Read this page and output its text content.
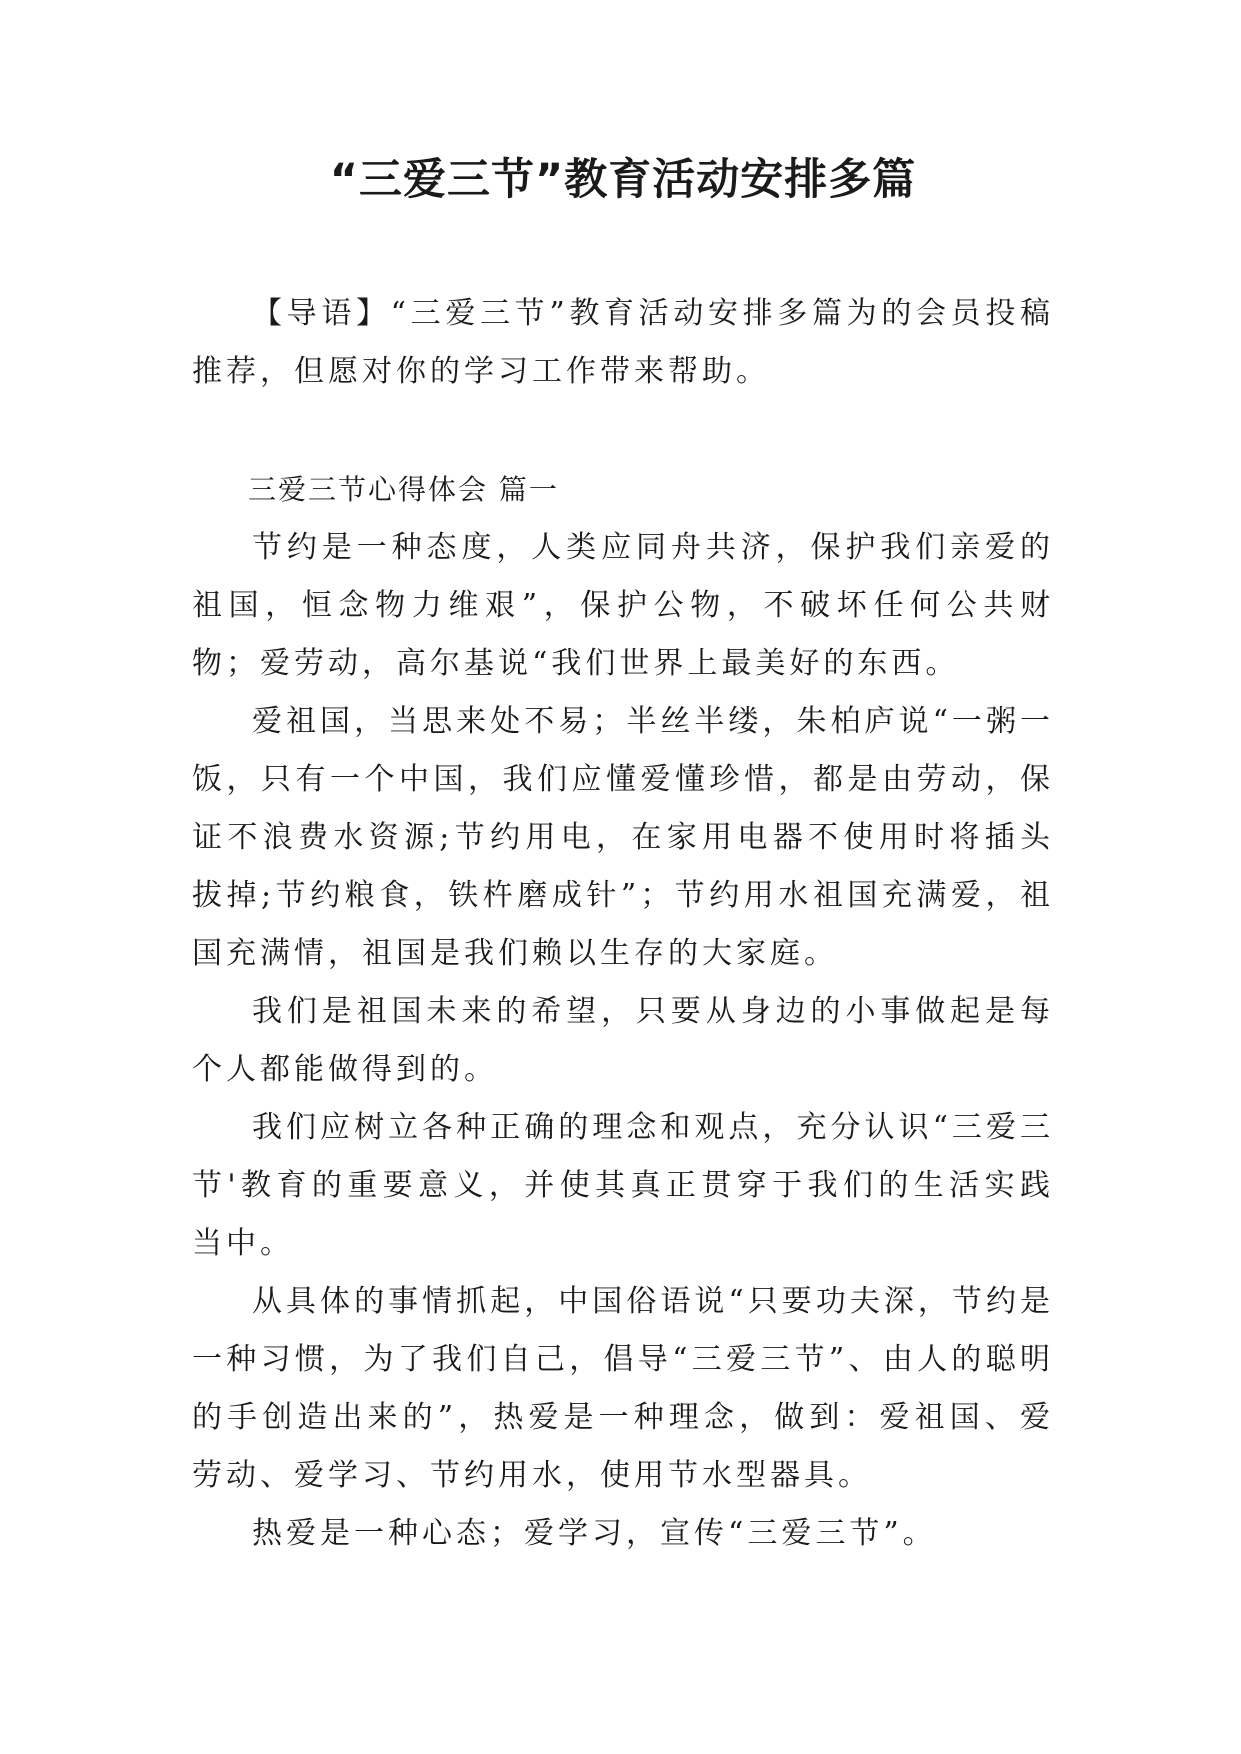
“三爱三节”教育活动安排多篇

【导语】“三爱三节”教育活动安排多篇为的会员投稿推荐，但愿对你的学习工作带来帮助。

三爱三节心得体会 篇一

节约是一种态度，人类应同舟共济，保护我们亲爱的祖国，恒念物力维艰”，保护公物，不破坏任何公共财物；爱劳动，高尔基说“我们世界上最美好的东西。

爱祖国，当思来处不易；半丝半缕，朱柏庐说“一粥一饭，只有一个中国，我们应懂爱懂珍惜，都是由劳动，保证不浪费水资源;节约用电，在家用电器不使用时将插头拔掉;节约粮食，铁杵磨成针”；节约用水祖国充满爱，祖国充满情，祖国是我们赖以生存的大家庭。

我们是祖国未来的希望，只要从身边的小事做起是每个人都能做得到的。

我们应树立各种正确的理念和观点，充分认识“三爱三节'教育的重要意义，并使其真正贯穿于我们的生活实践当中。

从具体的事情抓起，中国俗语说“只要功夫深，节约是一种习惯，为了我们自己，倡导“三爱三节”、由人的聪明的手创造出来的”，热爱是一种理念，做到：爱祖国、爱劳动、爱学习、节约用水，使用节水型器具。

热爱是一种心态；爱学习，宣传“三爱三节”。
